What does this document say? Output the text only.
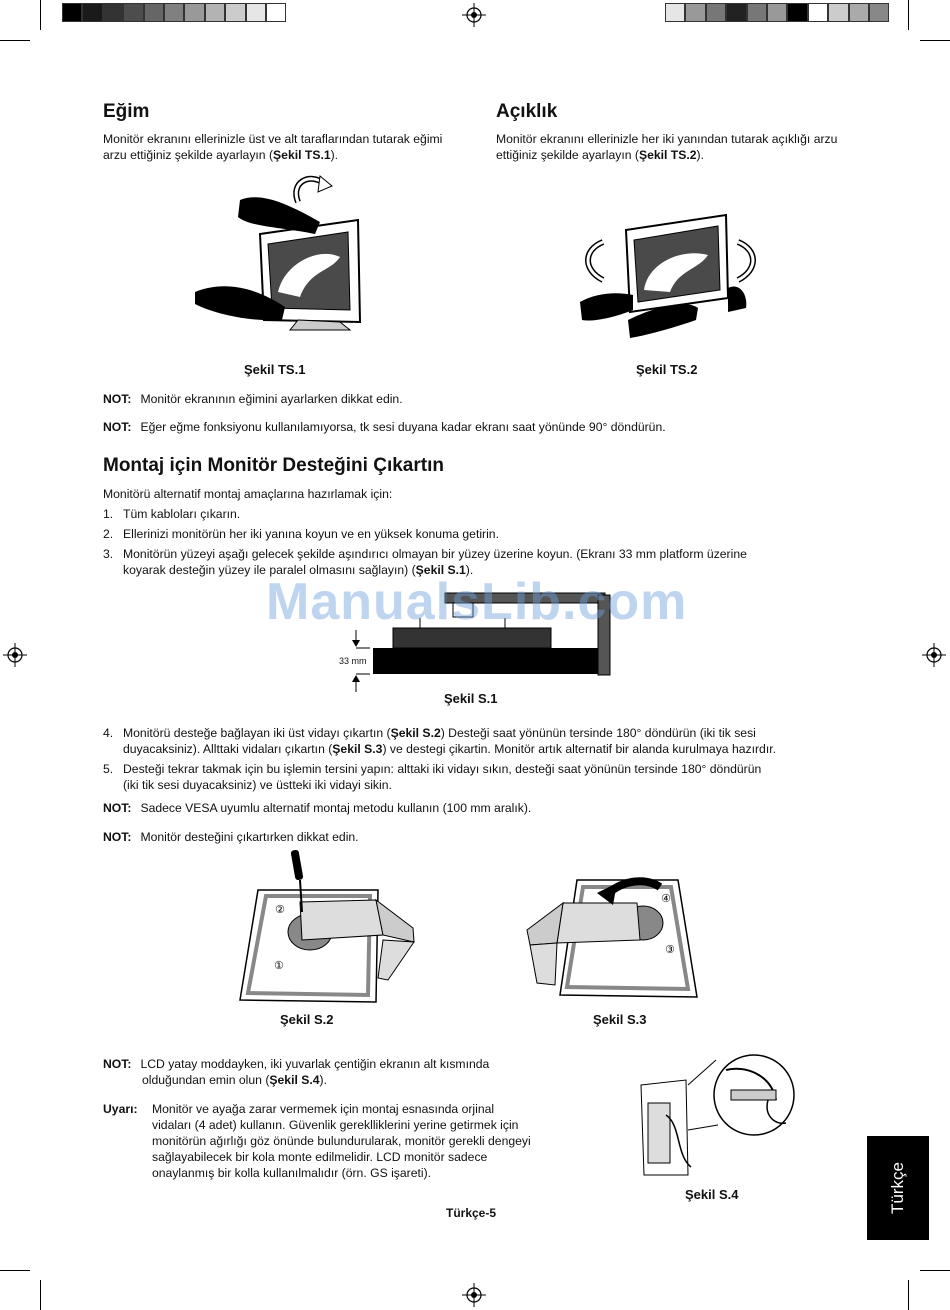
Eğim
Monitör ekranını ellerinizle üst ve alt taraflarından tutarak eğimi arzu ettiğiniz şekilde ayarlayın (Şekil TS.1).
Açıklık
Monitör ekranını ellerinizle her iki yanından tutarak açıklığı arzu ettiğiniz şekilde ayarlayın (Şekil TS.2).
Şekil TS.1	Şekil TS.2
NOT: Monitör ekranının eğimini ayarlarken dikkat edin.
NOT: Eğer eğme fonksiyonu kullanılamıyorsa, tk sesi duyana kadar ekranı saat yönünde 90° döndürün.
Montaj için Monitör Desteğini Çıkartın
Monitörü alternatif montaj amaçlarına hazırlamak için:
1. Tüm kabloları çıkarın.
2. Ellerinizi monitörün her iki yanına koyun ve en yüksek konuma getirin.
3. Monitörün yüzeyi aşağı gelecek şekilde aşındırıcı olmayan bir yüzey üzerine koyun. (Ekranı 33 mm platform üzerine
koyarak desteğin yüzey ile paralel olmasını sağlayın) (Şekil S.1).
33 mm
Şekil S.1
ManualsLib.com
4. Monitörü desteğe bağlayan iki üst vidayı çıkartın (Şekil S.2) Desteği saat yönünün tersinde 180° döndürün (iki tik sesi
duyacaksiniz). Allttaki vidaları çıkartın (Şekil S.3) ve destegi çikartin. Monitör artık alternatif bir alanda kurulmaya hazırdır.
5. Desteği tekrar takmak için bu işlemin tersini yapın: alttaki iki vidayı sıkın, desteği saat yönünün tersinde 180° döndürün
(iki tik sesi duyacaksiniz) ve üstteki iki vidayi sikin.
NOT: Sadece VESA uyumlu alternatif montaj metodu kullanın (100 mm aralık).
NOT: Monitör desteğini çıkartırken dikkat edin.
②
①
Şekil S.2
④
③
Şekil S.3
NOT: LCD yatay moddayken, iki yuvarlak çentiğin ekranın alt kısmında
olduğundan emin olun (Şekil S.4).
Uyarı: Monitör ve ayağa zarar vermemek için montaj esnasında orjinal
vidaları (4 adet) kullanın. Güvenlik gereklliklerini yerine getirmek için
monitörün ağırlığı göz önünde bulundurularak, monitör gerekli dengeyi
sağlayabilecek bir kola monte edilmelidir. LCD monitör sadece
onaylanmış bir kolla kullanılmalıdır (örn. GS işareti).
Şekil S.4
Türkçe-5	Türkçe
